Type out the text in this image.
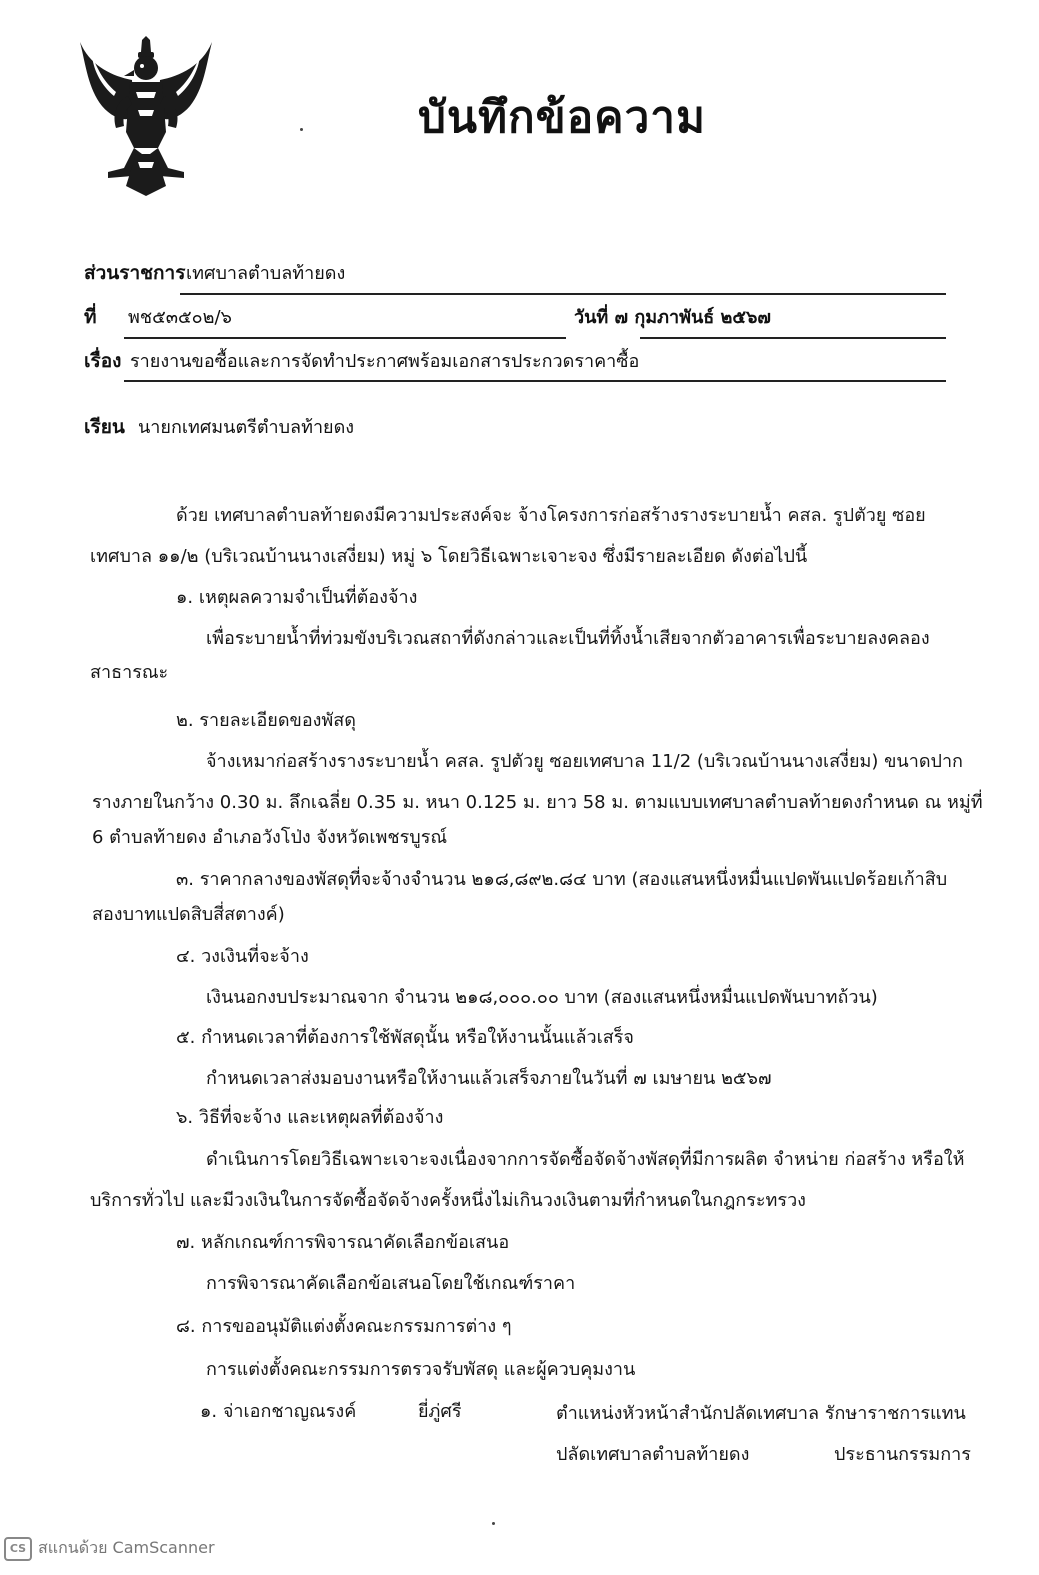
บันทึกข้อความ
ส่วนราชการ เทศบาลตำบลท้ายดง
ที่ พช๕๓๕๐๒/๖	วันที่ ๗ กุมภาพันธ์ ๒๕๖๗
เรื่อง รายงานขอซื้อและการจัดทำประกาศพร้อมเอกสารประกวดราคาซื้อ
เรียน นายกเทศมนตรีตำบลท้ายดง
ด้วย เทศบาลตำบลท้ายดงมีความประสงค์จะ จ้างโครงการก่อสร้างรางระบายน้ำ คสล. รูปตัวยู ซอย
เทศบาล ๑๑/๒ (บริเวณบ้านนางเสงี่ยม) หมู่ ๖ โดยวิธีเฉพาะเจาะจง ซึ่งมีรายละเอียด ดังต่อไปนี้
๑. เหตุผลความจำเป็นที่ต้องจ้าง
เพื่อระบายน้ำที่ท่วมขังบริเวณสถาที่ดังกล่าวและเป็นที่ทิ้งน้ำเสียจากตัวอาคารเพื่อระบายลงคลอง
สาธารณะ
๒. รายละเอียดของพัสดุ
จ้างเหมาก่อสร้างรางระบายน้ำ คสล. รูปตัวยู ซอยเทศบาล 11/2 (บริเวณบ้านนางเสงี่ยม) ขนาดปาก
รางภายในกว้าง 0.30 ม. ลึกเฉลี่ย 0.35 ม. หนา 0.125 ม. ยาว 58 ม. ตามแบบเทศบาลตำบลท้ายดงกำหนด ณ หมู่ที่
6 ตำบลท้ายดง อำเภอวังโป่ง จังหวัดเพชรบูรณ์
๓. ราคากลางของพัสดุที่จะจ้างจำนวน ๒๑๘,๘๙๒.๘๔ บาท (สองแสนหนึ่งหมื่นแปดพันแปดร้อยเก้าสิบ
สองบาทแปดสิบสี่สตางค์)
๔. วงเงินที่จะจ้าง
เงินนอกงบประมาณจาก จำนวน ๒๑๘,๐๐๐.๐๐ บาท (สองแสนหนึ่งหมื่นแปดพันบาทถ้วน)
๕. กำหนดเวลาที่ต้องการใช้พัสดุนั้น หรือให้งานนั้นแล้วเสร็จ
กำหนดเวลาส่งมอบงานหรือให้งานแล้วเสร็จภายในวันที่ ๗ เมษายน ๒๕๖๗
๖. วิธีที่จะจ้าง และเหตุผลที่ต้องจ้าง
ดำเนินการโดยวิธีเฉพาะเจาะจงเนื่องจากการจัดซื้อจัดจ้างพัสดุที่มีการผลิต จำหน่าย ก่อสร้าง หรือให้
บริการทั่วไป และมีวงเงินในการจัดซื้อจัดจ้างครั้งหนึ่งไม่เกินวงเงินตามที่กำหนดในกฎกระทรวง
๗. หลักเกณฑ์การพิจารณาคัดเลือกข้อเสนอ
การพิจารณาคัดเลือกข้อเสนอโดยใช้เกณฑ์ราคา
๘. การขออนุมัติแต่งตั้งคณะกรรมการต่าง ๆ
การแต่งตั้งคณะกรรมการตรวจรับพัสดุ และผู้ควบคุมงาน
๑. จ่าเอกชาญณรงค์	ยี่ภู่ศรี	ตำแหน่งหัวหน้าสำนักปลัดเทศบาล รักษาราชการแทน
ปลัดเทศบาลตำบลท้ายดง	ประธานกรรมการ
CS สแกนด้วย CamScanner
